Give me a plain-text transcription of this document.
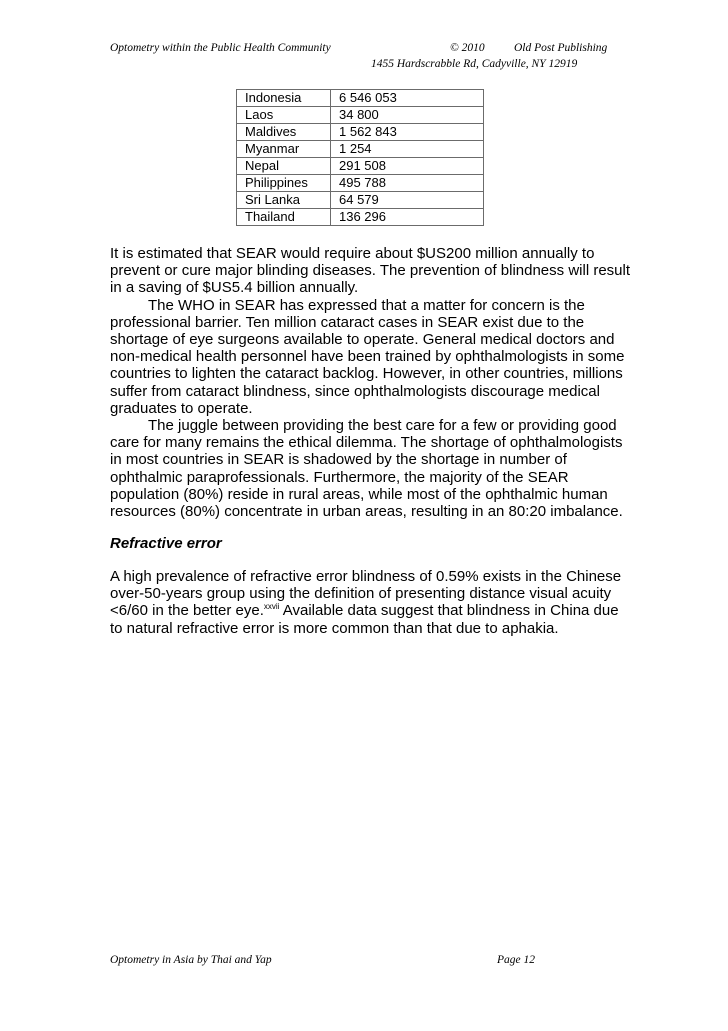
Optometry within the Public Health Community	© 2010	Old Post Publishing
1455 Hardscrabble Rd, Cadyville, NY 12919
Indonesia	6 546 053
Laos	34 800
Maldives	1 562 843
Myanmar	1 254
Nepal	291 508
Philippines	495 788
Sri Lanka	64 579
Thailand	136 296

It is estimated that SEAR would require about $US200 million annually to prevent or cure major blinding diseases. The prevention of blindness will result in a saving of $US5.4 billion annually.

The WHO in SEAR has expressed that a matter for concern is the professional barrier. Ten million cataract cases in SEAR exist due to the shortage of eye surgeons available to operate. General medical doctors and non-medical health personnel have been trained by ophthalmologists in some countries to lighten the cataract backlog. However, in other countries, millions suffer from cataract blindness, since ophthalmologists discourage medical graduates to operate.

The juggle between providing the best care for a few or providing good care for many remains the ethical dilemma. The shortage of ophthalmologists in most countries in SEAR is shadowed by the shortage in number of ophthalmic paraprofessionals. Furthermore, the majority of the SEAR population (80%) reside in rural areas, while most of the ophthalmic human resources (80%) concentrate in urban areas, resulting in an 80:20 imbalance.

Refractive error

A high prevalence of refractive error blindness of 0.59% exists in the Chinese over-50-years group using the definition of presenting distance visual acuity <6/60 in the better eye.$^{xxvii}$ Available data suggest that blindness in China due to natural refractive error is more common than that due to aphakia.

Optometry in Asia by Thai and Yap	Page 12
